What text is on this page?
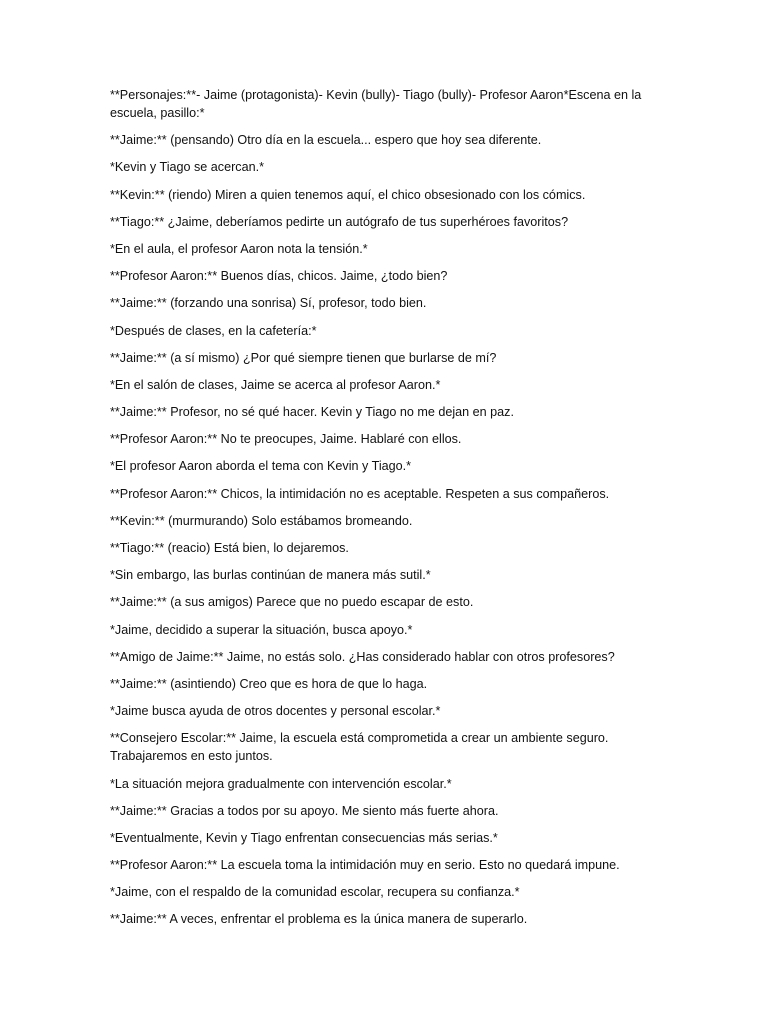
**Personajes:**- Jaime (protagonista)- Kevin (bully)- Tiago (bully)- Profesor Aaron*Escena en la escuela, pasillo:*

**Jaime:** (pensando) Otro día en la escuela... espero que hoy sea diferente.

*Kevin y Tiago se acercan.*

**Kevin:** (riendo) Miren a quien tenemos aquí, el chico obsesionado con los cómics.

**Tiago:** ¿Jaime, deberíamos pedirte un autógrafo de tus superhéroes favoritos?

*En el aula, el profesor Aaron nota la tensión.*

**Profesor Aaron:** Buenos días, chicos. Jaime, ¿todo bien?

**Jaime:** (forzando una sonrisa) Sí, profesor, todo bien.

*Después de clases, en la cafetería:*

**Jaime:** (a sí mismo) ¿Por qué siempre tienen que burlarse de mí?

*En el salón de clases, Jaime se acerca al profesor Aaron.*

**Jaime:** Profesor, no sé qué hacer. Kevin y Tiago no me dejan en paz.

**Profesor Aaron:** No te preocupes, Jaime. Hablaré con ellos.

*El profesor Aaron aborda el tema con Kevin y Tiago.*

**Profesor Aaron:** Chicos, la intimidación no es aceptable. Respeten a sus compañeros.

**Kevin:** (murmurando) Solo estábamos bromeando.

**Tiago:** (reacio) Está bien, lo dejaremos.

*Sin embargo, las burlas continúan de manera más sutil.*

**Jaime:** (a sus amigos) Parece que no puedo escapar de esto.

*Jaime, decidido a superar la situación, busca apoyo.*

**Amigo de Jaime:** Jaime, no estás solo. ¿Has considerado hablar con otros profesores?

**Jaime:** (asintiendo) Creo que es hora de que lo haga.

*Jaime busca ayuda de otros docentes y personal escolar.*

**Consejero Escolar:** Jaime, la escuela está comprometida a crear un ambiente seguro. Trabajaremos en esto juntos.

*La situación mejora gradualmente con intervención escolar.*

**Jaime:** Gracias a todos por su apoyo. Me siento más fuerte ahora.

*Eventualmente, Kevin y Tiago enfrentan consecuencias más serias.*

**Profesor Aaron:** La escuela toma la intimidación muy en serio. Esto no quedará impune.

*Jaime, con el respaldo de la comunidad escolar, recupera su confianza.*

**Jaime:** A veces, enfrentar el problema es la única manera de superarlo.
